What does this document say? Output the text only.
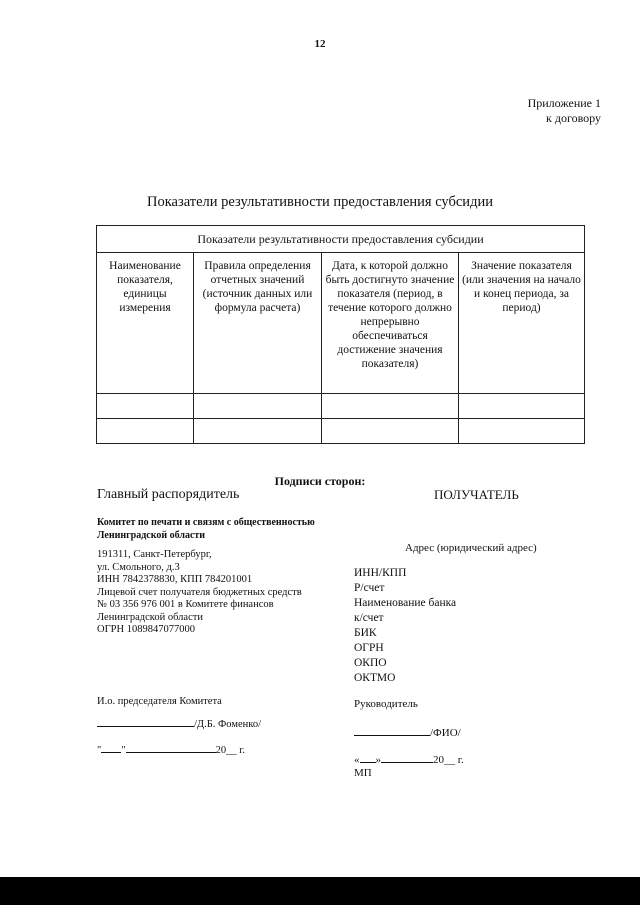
12
Приложение 1
к договору
Показатели результативности предоставления субсидии
Показатели результативности предоставления субсидии			
Наименование показателя, единицы измерения	Правила определения отчетных значений (источник данных или формула расчета)	Дата, к которой должно быть достигнуто значение показателя (период, в течение которого должно непрерывно обеспечиваться достижение значения показателя)	Значение показателя (или значения на начало и конец периода, за период)

Подписи сторон:
Главный распорядитель	ПОЛУЧАТЕЛЬ
Комитет по печати и связям с общественностью
Ленинградской области
191311, Санкт-Петербург,
ул. Смольного, д.3
ИНН 7842378830, КПП 784201001
Лицевой счет получателя бюджетных средств
№ 03 356 976 001 в Комитете финансов
Ленинградской области
ОГРН 1089847077000
Адрес (юридический адрес)
ИНН/КПП
Р/счет
Наименование банка
к/счет
БИК
ОГРН
ОКПО
ОКТМО
И.о. председателя Комитета
/Д.Б. Фоменко/
" "	20__ г.
Руководитель
/ФИО/
« »	20__ г.
МП
